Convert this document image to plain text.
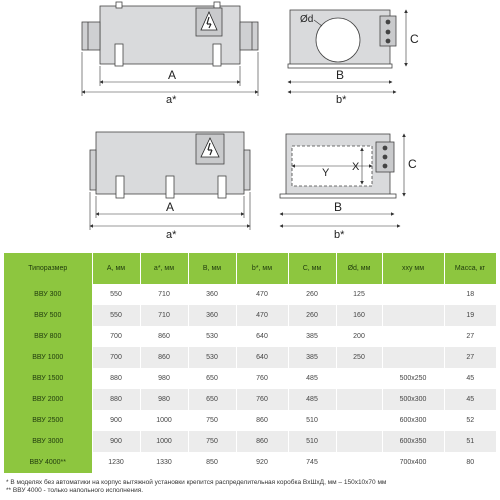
A
a*
Ød
B
b*
C
A
a*
Y X
B
b*
C
Типоразмер	A, мм	a*, мм	B, мм	b*, мм	C, мм	Ød, мм	хxy мм	Масса, кг
ВВУ 300	550	710	360	470	260	125		18
ВВУ 500	550	710	360	470	260	160		19
ВВУ 800	700	860	530	640	385	200		27
ВВУ 1000	700	860	530	640	385	250		27
ВВУ 1500	880	980	650	760	485		500x250	45
ВВУ 2000	880	980	650	760	485		500x300	45
ВВУ 2500	900	1000	750	860	510		600x300	52
ВВУ 3000	900	1000	750	860	510		600x350	51
ВВУ 4000**	1230	1330	850	920	745		700x400	80
* В моделях без автоматики на корпус вытяжной установки крепится распределительная коробка ВxШxД, мм – 150x10x70 мм
** ВВУ 4000 - только напольного исполнения.
